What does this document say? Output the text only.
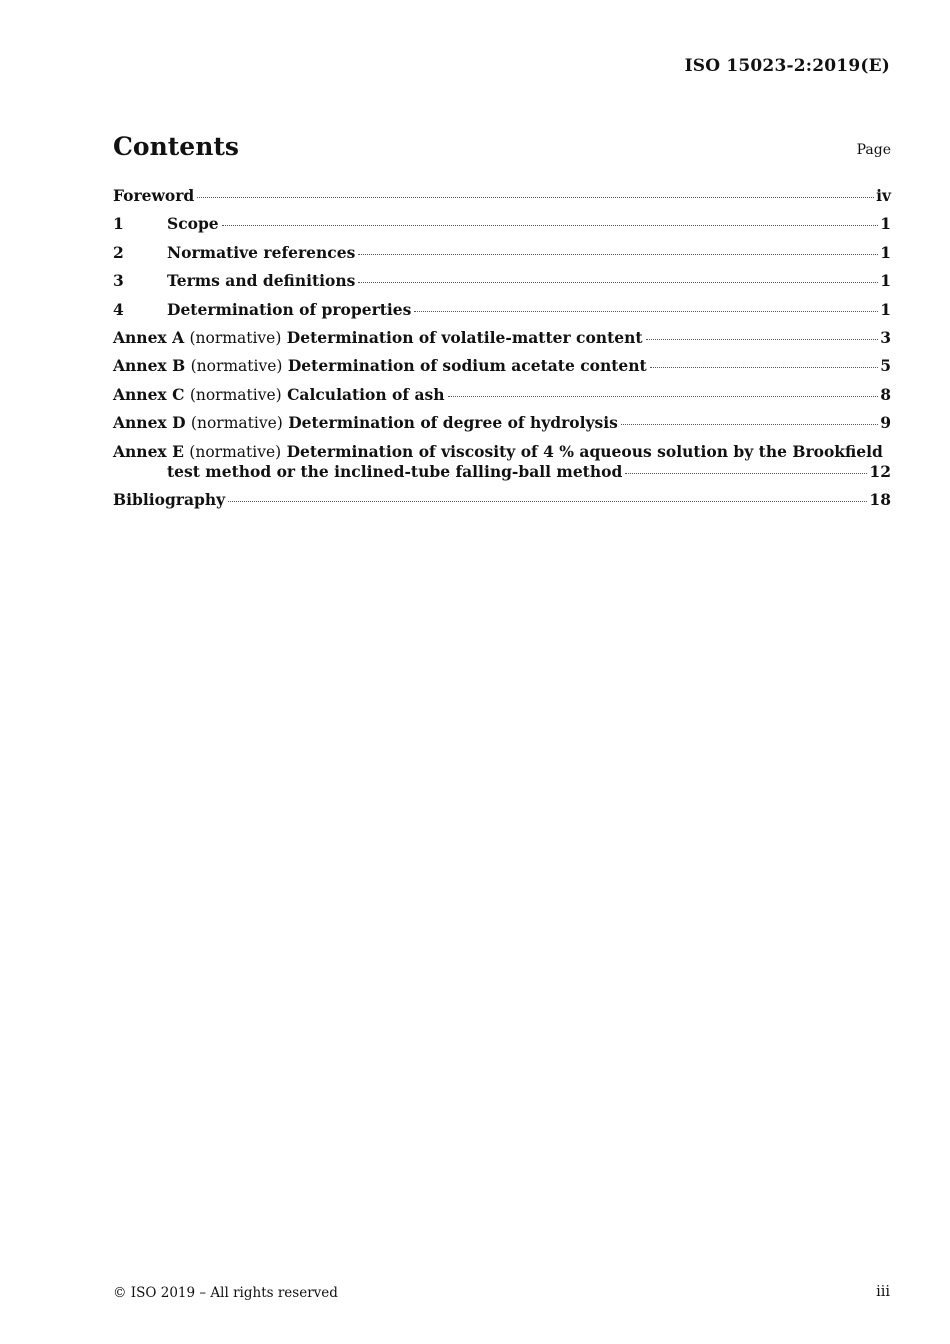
ISO 15023-2:2019(E)
Contents	Page
Foreword	iv
1	Scope	1
2	Normative references	1
3	Terms and definitions	1
4	Determination of properties	1
Annex A (normative) Determination of volatile-matter content	3
Annex B (normative) Determination of sodium acetate content	5
Annex C (normative) Calculation of ash	8
Annex D (normative) Determination of degree of hydrolysis	9
Annex E (normative) Determination of viscosity of 4 % aqueous solution by the Brookfield
test method or the inclined-tube falling-ball method	12
Bibliography	18
© ISO 2019 – All rights reserved	iii
